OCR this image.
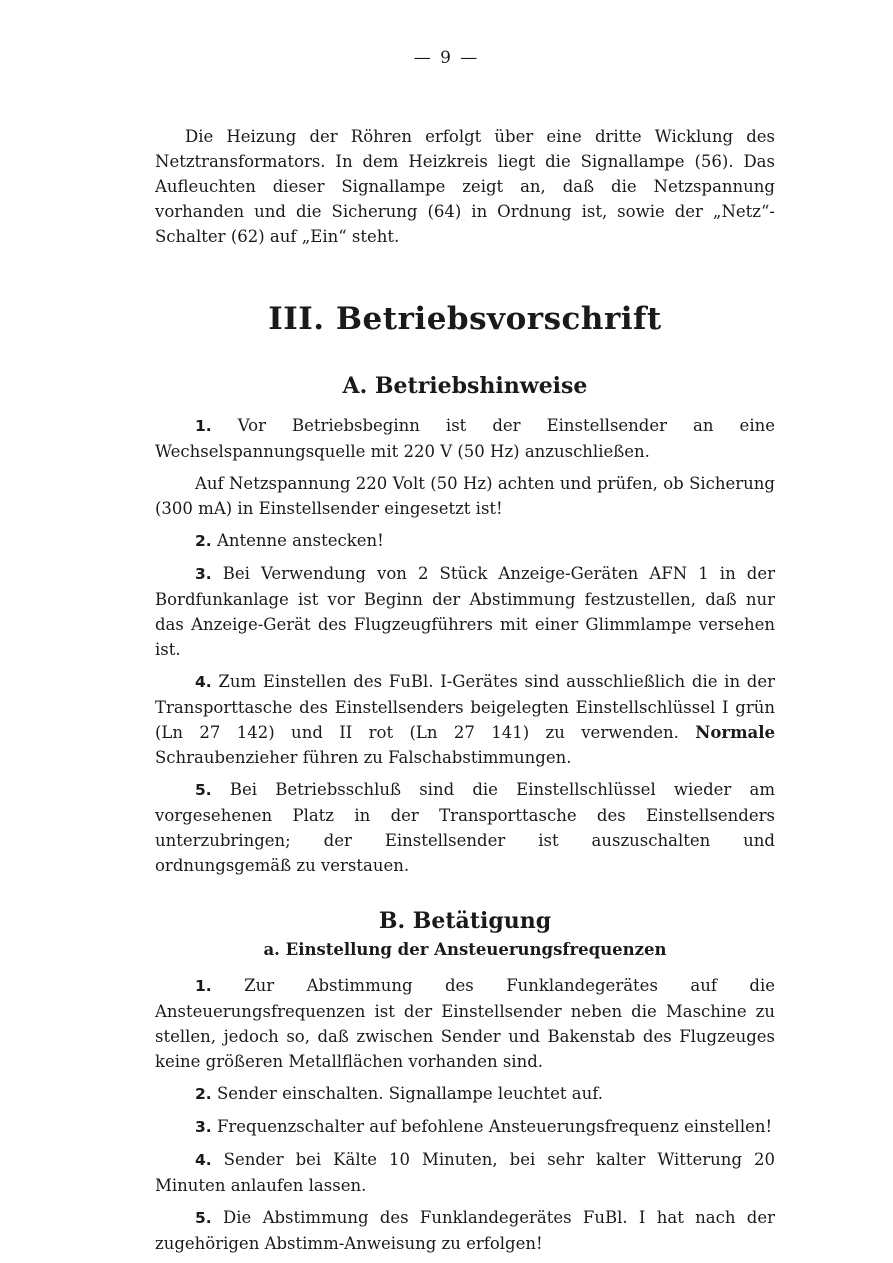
— 9 —

Die Heizung der Röhren erfolgt über eine dritte Wicklung des Netztransformators. In dem Heizkreis liegt die Signallampe (56). Das Aufleuchten dieser Signallampe zeigt an, daß die Netzspannung vorhanden und die Sicherung (64) in Ordnung ist, sowie der „Netz“-Schalter (62) auf „Ein“ steht.

III. Betriebsvorschrift
A. Betriebshinweise

1. Vor Betriebsbeginn ist der Einstellsender an eine Wechselspannungsquelle mit 220 V (50 Hz) anzuschließen.

Auf Netzspannung 220 Volt (50 Hz) achten und prüfen, ob Sicherung (300 mA) in Einstellsender eingesetzt ist!

2. Antenne anstecken!

3. Bei Verwendung von 2 Stück Anzeige-Geräten AFN 1 in der Bordfunkanlage ist vor Beginn der Abstimmung festzustellen, daß nur das Anzeige-Gerät des Flugzeugführers mit einer Glimmlampe versehen ist.

4. Zum Einstellen des FuBl. I-Gerätes sind ausschließlich die in der Transporttasche des Einstellsenders beigelegten Einstellschlüssel I grün (Ln 27 142) und II rot (Ln 27 141) zu verwenden. Normale Schraubenzieher führen zu Falschabstimmungen.

5. Bei Betriebsschluß sind die Einstellschlüssel wieder am vorgesehenen Platz in der Transporttasche des Einstellsenders unterzubringen; der Einstellsender ist auszuschalten und ordnungsgemäß zu verstauen.

B. Betätigung
a. Einstellung der Ansteuerungsfrequenzen

1. Zur Abstimmung des Funklandegerätes auf die Ansteuerungsfrequenzen ist der Einstellsender neben die Maschine zu stellen, jedoch so, daß zwischen Sender und Bakenstab des Flugzeuges keine größeren Metallflächen vorhanden sind.

2. Sender einschalten. Signallampe leuchtet auf.

3. Frequenzschalter auf befohlene Ansteuerungsfrequenz einstellen!

4. Sender bei Kälte 10 Minuten, bei sehr kalter Witterung 20 Minuten anlaufen lassen.

5. Die Abstimmung des Funklandegerätes FuBl. I hat nach der zugehörigen Abstimm-Anweisung zu erfolgen!
